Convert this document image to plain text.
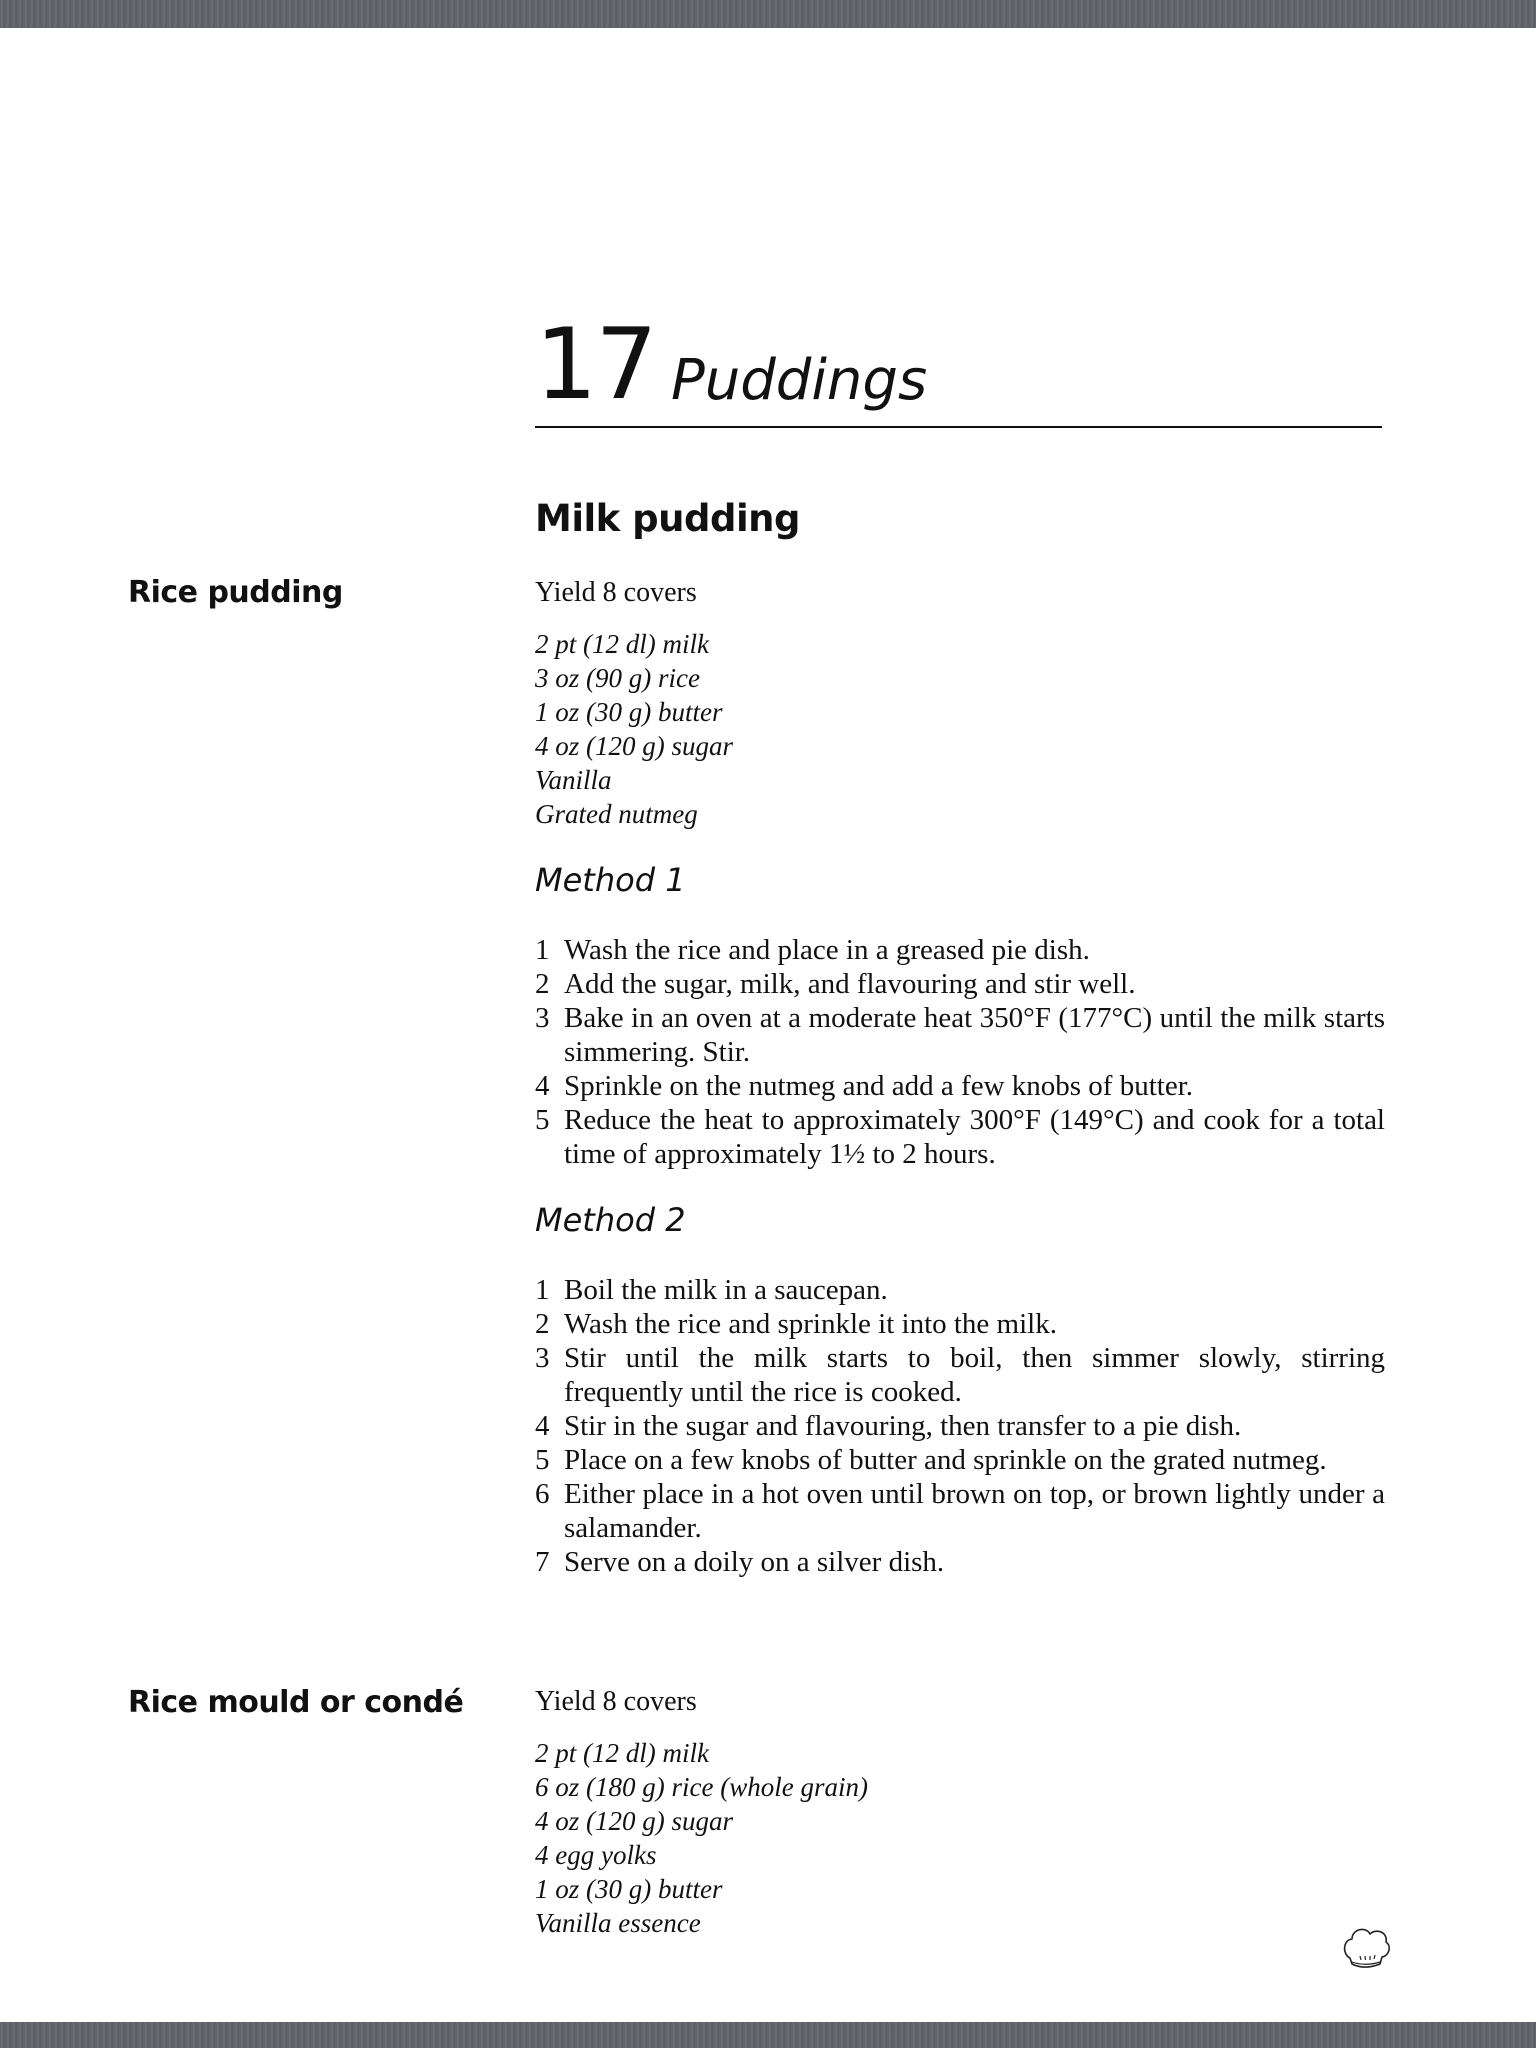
17 Puddings
Milk pudding
Rice pudding	Yield 8 covers
2 pt (12 dl) milk
3 oz (90 g) rice
1 oz (30 g) butter
4 oz (120 g) sugar
Vanilla
Grated nutmeg
Method 1
1 Wash the rice and place in a greased pie dish.
2 Add the sugar, milk, and flavouring and stir well.
3 Bake in an oven at a moderate heat 350°F (177°C) until the milk starts simmering. Stir.
4 Sprinkle on the nutmeg and add a few knobs of butter.
5 Reduce the heat to approximately 300°F (149°C) and cook for a total time of approximately 1½ to 2 hours.
Method 2
1 Boil the milk in a saucepan.
2 Wash the rice and sprinkle it into the milk.
3 Stir until the milk starts to boil, then simmer slowly, stirring frequently until the rice is cooked.
4 Stir in the sugar and flavouring, then transfer to a pie dish.
5 Place on a few knobs of butter and sprinkle on the grated nutmeg.
6 Either place in a hot oven until brown on top, or brown lightly under a salamander.
7 Serve on a doily on a silver dish.
Rice mould or condé	Yield 8 covers
2 pt (12 dl) milk
6 oz (180 g) rice (whole grain)
4 oz (120 g) sugar
4 egg yolks
1 oz (30 g) butter
Vanilla essence
